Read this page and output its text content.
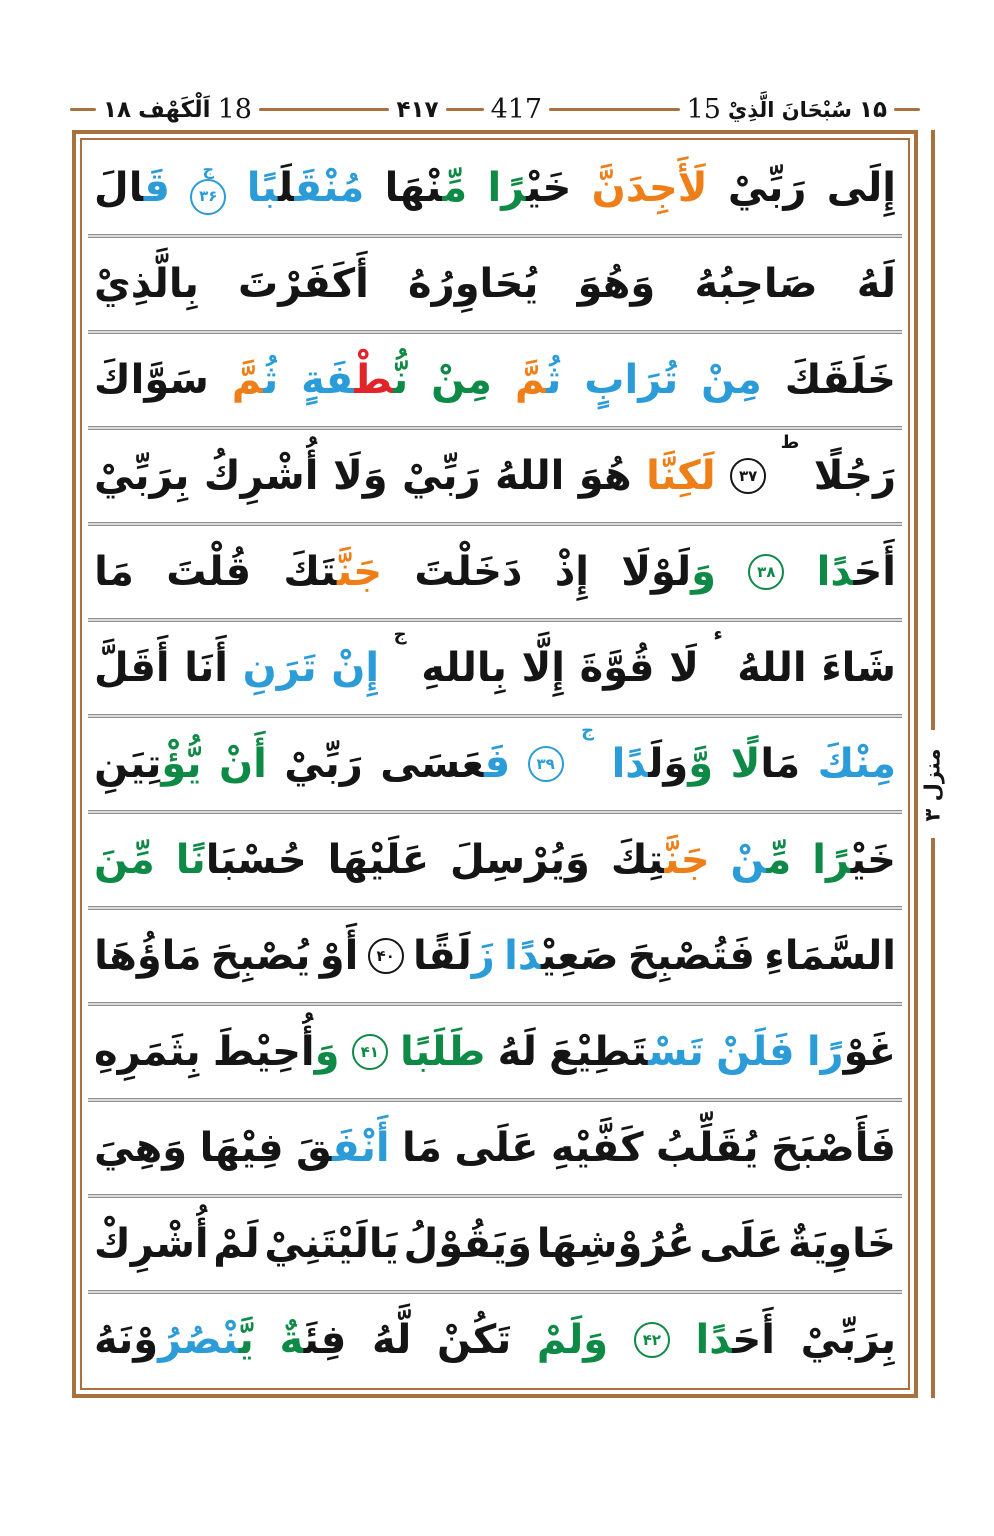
۱۸ اَلْكَهْف 18	۴۱۷ 417	15 سُبْحَانَ الَّذِيْ ۱۵
إِلَى
رَبِّيْ
لَأَجِدَنَّ
خَيْرًا
مِّنْهَا
مُنْقَلَبًا
ج
۳۶
قَالَ
لَهُ
صَاحِبُهُ
وَهُوَ
يُحَاوِرُهُ
أَكَفَرْتَ
بِالَّذِيْ
خَلَقَكَ
مِنْ
تُرَابٍ
ثُمَّ
مِنْ
نُّطْفَةٍ
ثُمَّ
سَوَّاكَ
رَجُلًا
ط
۳۷
لَكِنَّا
هُوَ
اللهُ
رَبِّيْ
وَلَا
أُشْرِكُ
بِرَبِّيْ
أَحَدًا
۳۸
وَلَوْلَا
إِذْ
دَخَلْتَ
جَنَّتَكَ
قُلْتَ
مَا
شَاءَ
اللهُ
ء
لَا
قُوَّةَ
إِلَّا
بِاللهِ
ج
إِنْ
تَرَنِ
أَنَا
أَقَلَّ
مِنْكَ
مَالًا
وَّوَلَدًا
ج
۳۹
فَعَسَى
رَبِّيْ
أَنْ
يُّؤْتِيَنِ
خَيْرًا
مِّنْ
جَنَّتِكَ
وَيُرْسِلَ
عَلَيْهَا
حُسْبَانًا
مِّنَ
السَّمَاءِ
فَتُصْبِحَ
صَعِيْدًا
زَلَقًا
۴۰
أَوْ
يُصْبِحَ
مَاؤُهَا
غَوْرًا
فَلَنْ
تَسْتَطِيْعَ
لَهُ
طَلَبًا
۴۱
وَأُحِيْطَ
بِثَمَرِهِ
فَأَصْبَحَ
يُقَلِّبُ
كَفَّيْهِ
عَلَى
مَا
أَنْفَقَ
فِيْهَا
وَهِيَ
خَاوِيَةٌ
عَلَى
عُرُوْشِهَا
وَيَقُوْلُ
يَالَيْتَنِيْ
لَمْ
أُشْرِكْ
بِرَبِّيْ
أَحَدًا
۴۲
وَلَمْ
تَكُنْ
لَّهُ
فِئَةٌ
يَّنْصُرُوْنَهُ
منزل ۳
